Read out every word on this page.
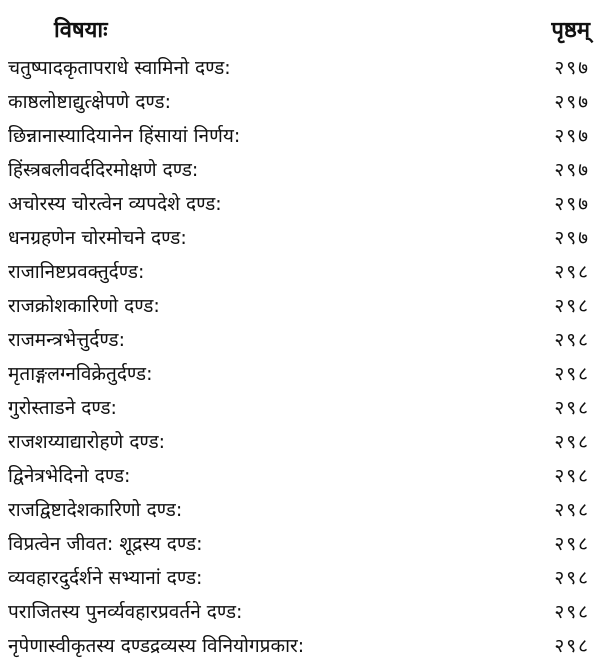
विषयाः	पृष्ठम्
चतुष्पादकृतापराधे स्वामिनो दण्ड:	२९७
काष्ठलोष्टाद्युत्क्षेपणे दण्ड:	२९७
छिन्नानास्यादियानेन हिंसायां निर्णय:	२९७
हिंस्त्रबलीवर्ददिरमोक्षणे दण्ड:	२९७
अचोरस्य चोरत्वेन व्यपदेशे दण्ड:	२९७
धनग्रहणेन चोरमोचने दण्ड:	२९७
राजानिष्टप्रवक्तुर्दण्ड:	२९८
राजक्रोशकारिणो दण्ड:	२९८
राजमन्त्रभेत्तुर्दण्ड:	२९८
मृताङ्गलग्नविक्रेतुर्दण्ड:	२९८
गुरोस्ताडने दण्ड:	२९८
राजशय्याद्यारोहणे दण्ड:	२९८
द्विनेत्रभेदिनो दण्ड:	२९८
राजद्विष्टादेशकारिणो दण्ड:	२९८
विप्रत्वेन जीवत: शूद्रस्य दण्ड:	२९८
व्यवहारदुर्दर्शने सभ्यानां दण्ड:	२९८
पराजितस्य पुनर्व्यवहारप्रवर्तने दण्ड:	२९८
नृपेणास्वीकृतस्य दण्डद्रव्यस्य विनियोगप्रकार:	२९८
